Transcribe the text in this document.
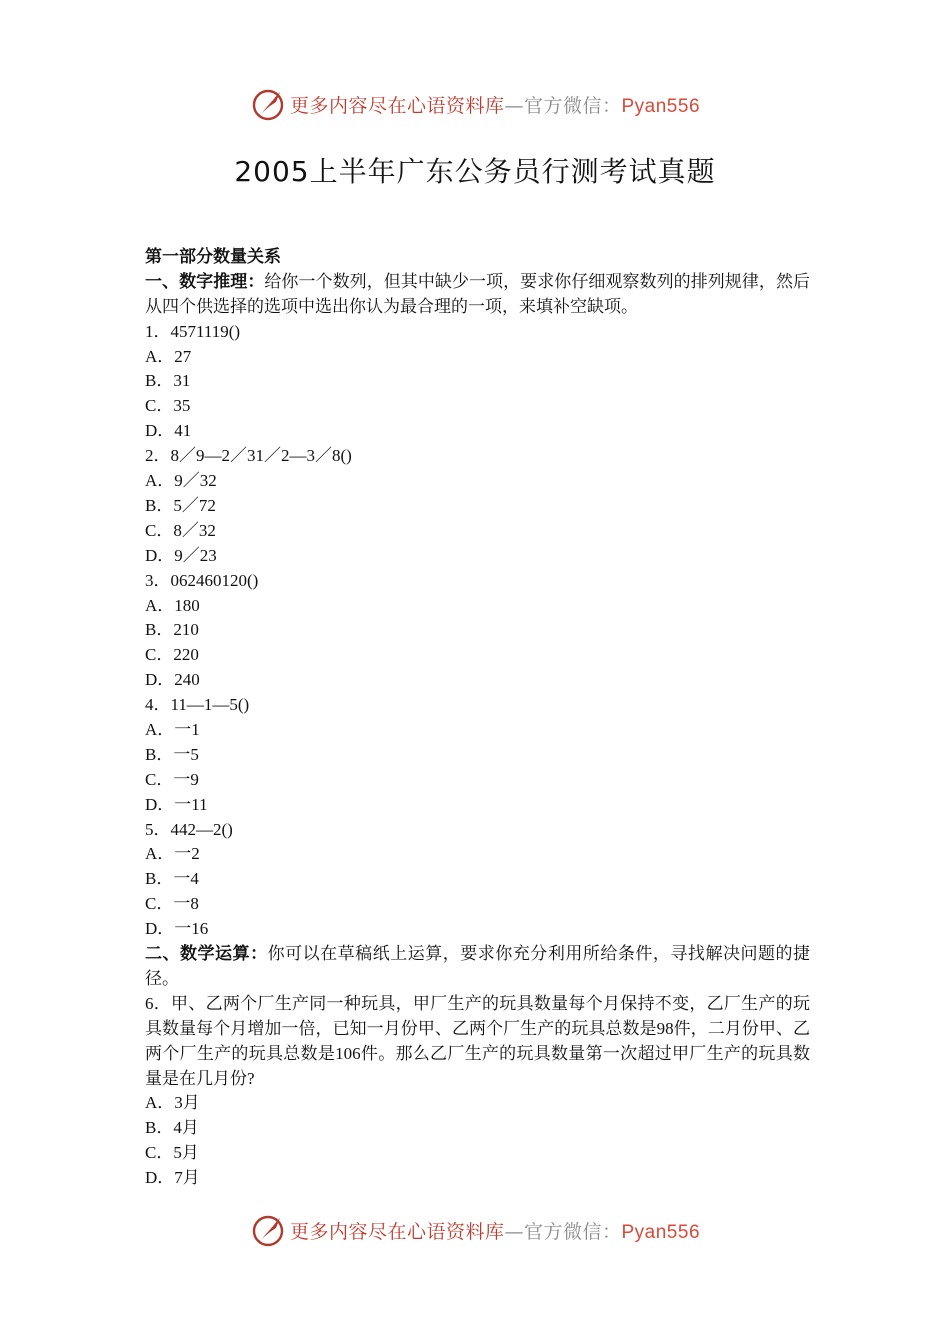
更多内容尽在心语资料库—官方微信：Pyan556
2005上半年广东公务员行测考试真题
第一部分数量关系
一、数字推理：给你一个数列，但其中缺少一项，要求你仔细观察数列的排列规律，然后从四个供选择的选项中选出你认为最合理的一项，来填补空缺项。
1．4571119()
A．27
B．31
C．35
D．41
2．8／9—2／31／2—3／8()
A．9／32
B．5／72
C．8／32
D．9／23
3．062460120()
A．180
B．210
C．220
D．240
4．11—1—5()
A．一1
B．一5
C．一9
D．一11
5．442—2()
A．一2
B．一4
C．一8
D．一16
二、数学运算：你可以在草稿纸上运算，要求你充分利用所给条件，寻找解决问题的捷径。
6．甲、乙两个厂生产同一种玩具，甲厂生产的玩具数量每个月保持不变，乙厂生产的玩具数量每个月增加一倍，已知一月份甲、乙两个厂生产的玩具总数是98件，二月份甲、乙两个厂生产的玩具总数是106件。那么乙厂生产的玩具数量第一次超过甲厂生产的玩具数量是在几月份?
A．3月
B．4月
C．5月
D．7月
更多内容尽在心语资料库—官方微信：Pyan556
